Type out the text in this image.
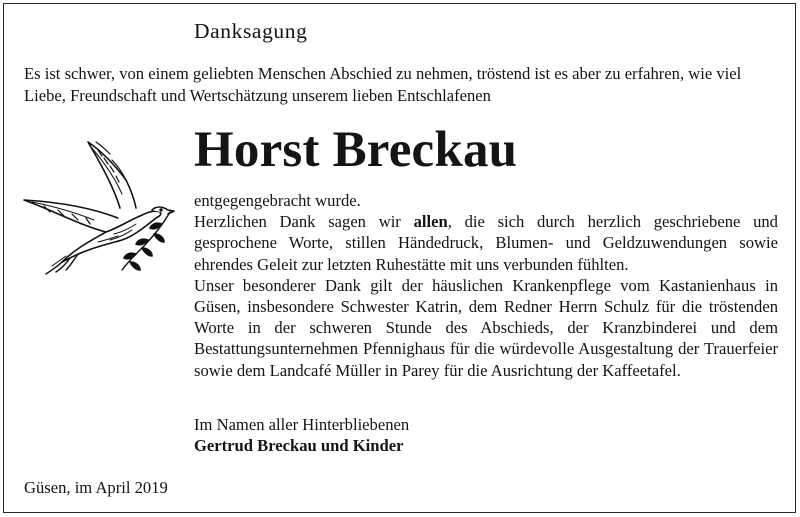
Danksagung

Es ist schwer, von einem geliebten Menschen Abschied zu nehmen, tröstend ist es aber zu erfahren, wie viel Liebe, Freundschaft und Wertschätzung unserem lieben Entschlafenen

Horst Breckau

entgegengebracht wurde.
Herzlichen Dank sagen wir allen, die sich durch herzlich geschriebene und gesprochene Worte, stillen Händedruck, Blumen- und Geldzuwendungen sowie ehrendes Geleit zur letzten Ruhestätte mit uns verbunden fühlten.

Unser besonderer Dank gilt der häuslichen Krankenpflege vom Kastanienhaus in Güsen, insbesondere Schwester Katrin, dem Redner Herrn Schulz für die tröstenden Worte in der schweren Stunde des Abschieds, der Kranzbinderei und dem Bestattungsunternehmen Pfennighaus für die würdevolle Ausgestaltung der Trauerfeier sowie dem Landcafé Müller in Parey für die Ausrichtung der Kaffeetafel.

Im Namen aller Hinterbliebenen
Gertrud Breckau und Kinder

Güsen, im April 2019
